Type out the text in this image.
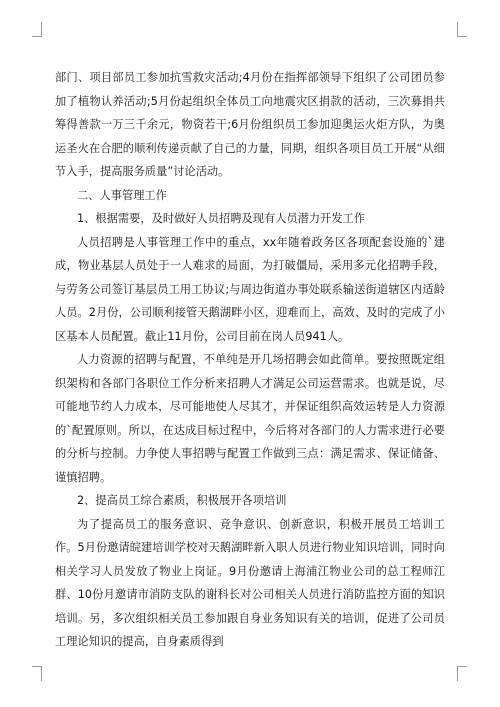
部门、项目部员工参加抗雪救灾活动;4月份在指挥部领导下组织了公司团员参加了植物认养活动;5月份起组织全体员工向地震灾区捐款的活动，三次募捐共筹得善款一万三千余元，物资若干;6月份组织员工参加迎奥运火炬方队，为奥运圣火在合肥的顺利传递贡献了自己的力量，同期，组织各项目员工开展“从细节入手，提高服务质量”讨论活动。

二、人事管理工作

1、根据需要，及时做好人员招聘及现有人员潜力开发工作

人员招聘是人事管理工作中的重点，xx年随着政务区各项配套设施的`建成，物业基层人员处于一人难求的局面，为打破僵局，采用多元化招聘手段，与劳务公司签订基层员工用工协议;与周边街道办事处联系输送街道辖区内适龄人员。2月份，公司顺利接管天鹅湖畔小区，迎难而上，高效、及时的完成了小区基本人员配置。截止11月份，公司目前在岗人员941人。

人力资源的招聘与配置，不单纯是开几场招聘会如此简单。要按照既定组织架构和各部门各职位工作分析来招聘人才满足公司运营需求。也就是说，尽可能地节约人力成本，尽可能地使人尽其才，并保证组织高效运转是人力资源的`配置原则。所以，在达成目标过程中，今后将对各部门的人力需求进行必要的分析与控制。力争使人事招聘与配置工作做到三点：满足需求、保证储备、谨慎招聘。

2、提高员工综合素质，积极展开各项培训

为了提高员工的服务意识、竞争意识、创新意识，积极开展员工培训工作。5月份邀请皖建培训学校对天鹅湖畔新入职人员进行物业知识培训，同时向相关学习人员发放了物业上岗证。9月份邀请上海浦江物业公司的总工程师江群、10份月邀请市消防支队的谢科长对公司相关人员进行消防监控方面的知识培训。另，多次组织相关员工参加跟自身业务知识有关的培训，促进了公司员工理论知识的提高，自身素质得到
